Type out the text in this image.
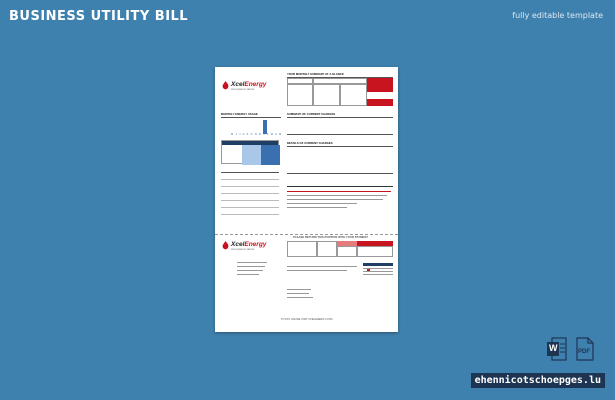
BUSINESS UTILITY BILL	fully editable template
XcelEnergy
RESPONSIBLE BY NATURE
YOUR MONTHLY SUMMARY AT A GLANCE
MONTHLY ENERGY USAGE
M J J A S O N D J F M A M
SUMMARY OF CURRENT CHARGES
DETAILS OF CURRENT CHARGES
PLEASE RETURN THIS PORTION WITH YOUR PAYMENT
XcelEnergy
RESPONSIBLE BY NATURE
TO PAY ONLINE VISIT XCELENERGY.COM
W	PDF
ehennicotschoepges.lu
